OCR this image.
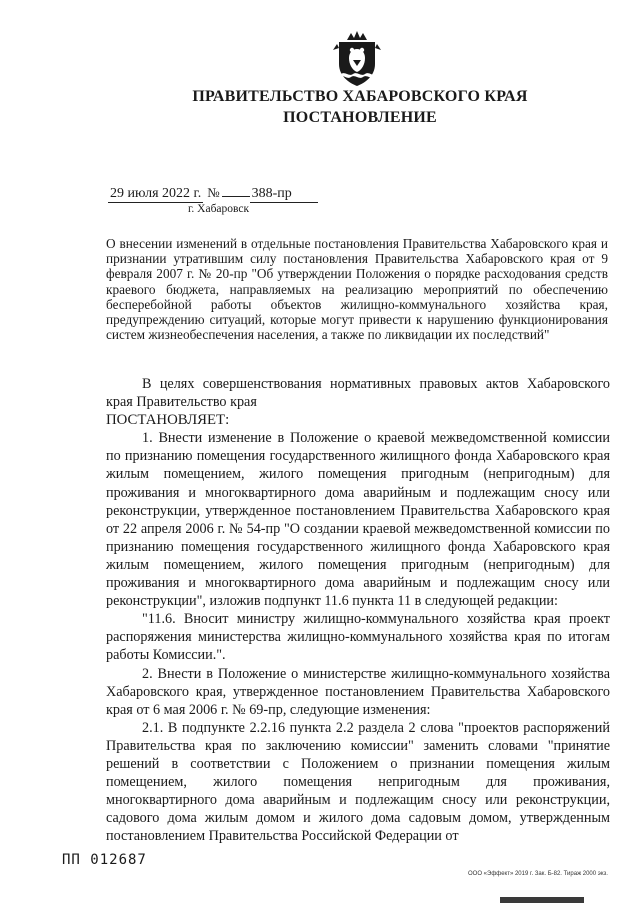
ПРАВИТЕЛЬСТВО ХАБАРОВСКОГО КРАЯ
ПОСТАНОВЛЕНИЕ
29 июля 2022 г. № 388-пр
г. Хабаровск
О внесении изменений в отдельные постановления Правительства Хабаровского края и признании утратившим силу постановления Правительства Хабаровского края от 9 февраля 2007 г. № 20-пр "Об утверждении Положения о порядке расходования средств краевого бюджета, направляемых на реализацию мероприятий по обеспечению бесперебойной работы объектов жилищно-коммунального хозяйства края, предупреждению ситуаций, которые могут привести к нарушению функционирования систем жизнеобеспечения населения, а также по ликвидации их последствий"

В целях совершенствования нормативных правовых актов Хабаровского края Правительство края

ПОСТАНОВЛЯЕТ:

1. Внести изменение в Положение о краевой межведомственной комиссии по признанию помещения государственного жилищного фонда Хабаровского края жилым помещением, жилого помещения пригодным (непригодным) для проживания и многоквартирного дома аварийным и подлежащим сносу или реконструкции, утвержденное постановлением Правительства Хабаровского края от 22 апреля 2006 г. № 54-пр "О создании краевой межведомственной комиссии по признанию помещения государственного жилищного фонда Хабаровского края жилым помещением, жилого помещения пригодным (непригодным) для проживания и многоквартирного дома аварийным и подлежащим сносу или реконструкции", изложив подпункт 11.6 пункта 11 в следующей редакции:

"11.6. Вносит министру жилищно-коммунального хозяйства края проект распоряжения министерства жилищно-коммунального хозяйства края по итогам работы Комиссии.".

2. Внести в Положение о министерстве жилищно-коммунального хозяйства Хабаровского края, утвержденное постановлением Правительства Хабаровского края от 6 мая 2006 г. № 69-пр, следующие изменения:

2.1. В подпункте 2.2.16 пункта 2.2 раздела 2 слова "проектов распоряжений Правительства края по заключению комиссии" заменить словами "принятие решений в соответствии с Положением о признании помещения жилым помещением, жилого помещения непригодным для проживания, многоквартирного дома аварийным и подлежащим сносу или реконструкции, садового дома жилым домом и жилого дома садовым домом, утвержденным постановлением Правительства Российской Федерации от

ПП 012687
ООО «Эффект» 2019 г. Зак. Б-82. Тираж 2000 экз.
